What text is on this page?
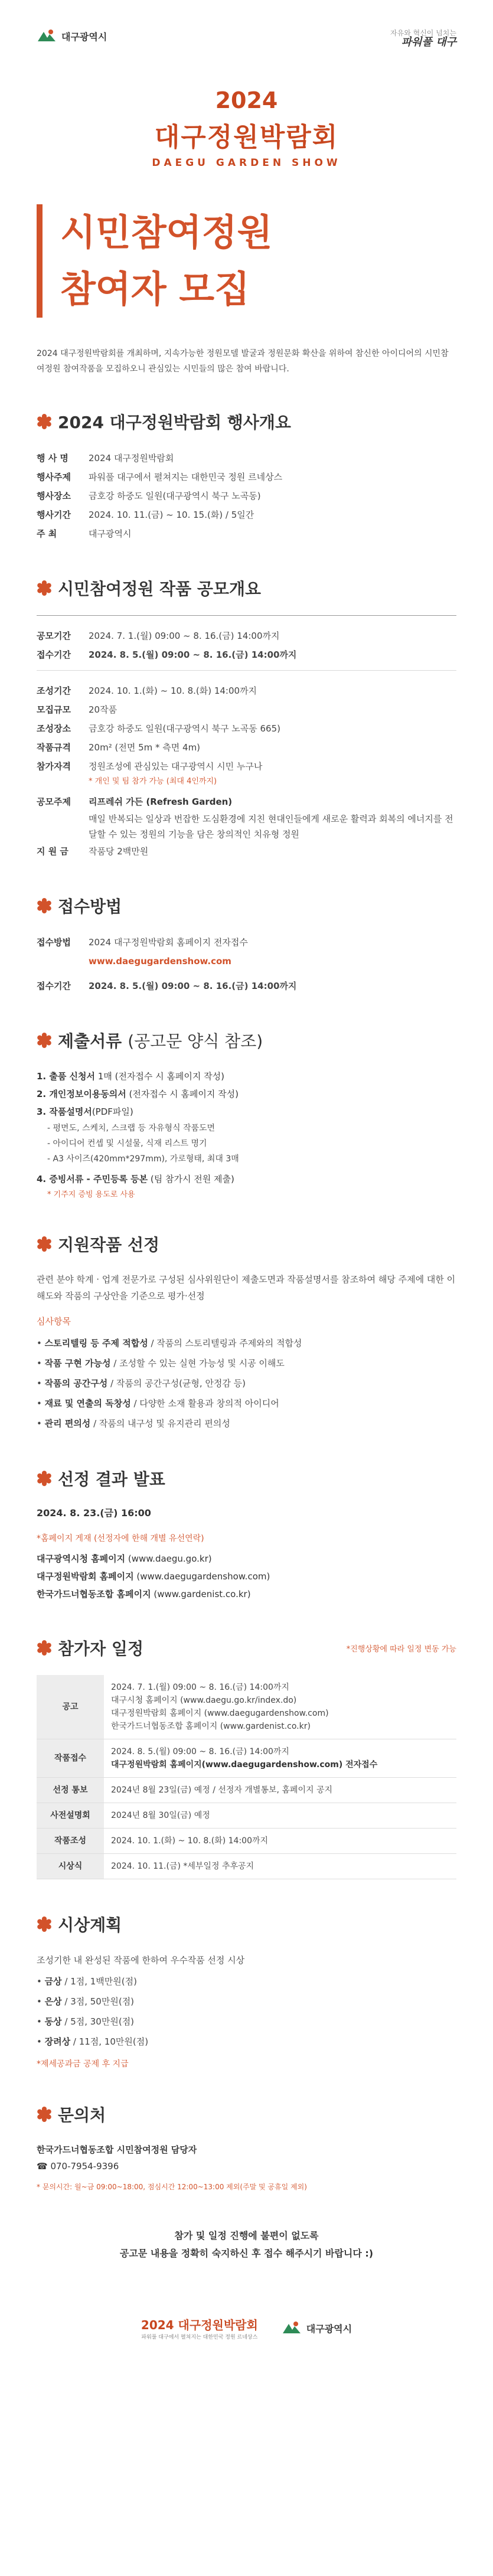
대구광역시	자유와 혁신이 넘치는
파워풀 대구
2024
대구정원박람회
DAEGU GARDEN SHOW
시민참여정원
참여자 모집
2024 대구정원박람회를 개최하며, 지속가능한 정원모델 발굴과 정원문화 확산을 위하여 참신한 아이디어의 시민참여정원 참여작품을 모집하오니 관심있는 시민들의 많은 참여 바랍니다.
2024 대구정원박람회 행사개요
행 사 명	2024 대구정원박람회
행사주제	파워풀 대구에서 펼쳐지는 대한민국 정원 르네상스
행사장소	금호강 하중도 일원(대구광역시 북구 노곡동)
행사기간	2024. 10. 11.(금) ~ 10. 15.(화) / 5일간
주 최	대구광역시
시민참여정원 작품 공모개요
공모기간	2024. 7. 1.(월) 09:00 ~ 8. 16.(금) 14:00까지
접수기간	2024. 8. 5.(월) 09:00 ~ 8. 16.(금) 14:00까지
조성기간	2024. 10. 1.(화) ~ 10. 8.(화) 14:00까지
모집규모	20작품
조성장소	금호강 하중도 일원(대구광역시 북구 노곡동 665)
작품규격	20m² (전면 5m * 측면 4m)
참가자격	정원조성에 관심있는 대구광역시 시민 누구나
* 개인 및 팀 참가 가능 (최대 4인까지)
공모주제	리프레쉬 가든 (Refresh Garden)
매일 반복되는 일상과 번잡한 도심환경에 지친 현대인들에게 새로운 활력과 회복의 에너지를 전달할 수 있는 정원의 기능을 담은 창의적인 치유형 정원
지 원 금	작품당 2백만원
접수방법
접수방법	2024 대구정원박람회 홈페이지 전자접수
www.daegugardenshow.com
접수기간	2024. 8. 5.(월) 09:00 ~ 8. 16.(금) 14:00까지
제출서류 (공고문 양식 참조)
1. 출품 신청서 1매 (전자접수 시 홈페이지 작성)
2. 개인정보이용동의서 (전자접수 시 홈페이지 작성)
3. 작품설명서(PDF파일)
- 평면도, 스케치, 스크랩 등 자유형식 작품도면
- 아이디어 컨셉 및 시설물, 식재 리스트 명기
- A3 사이즈(420mm*297mm), 가로형태, 최대 3매
4. 증빙서류 - 주민등록 등본 (팀 참가시 전원 제출)
* 기주지 증빙 용도로 사용
지원작품 선정
관련 분야 학계 · 업계 전문가로 구성된 심사위원단이 제출도면과 작품설명서를 참조하여 해당 주제에 대한 이해도와 작품의 구상안을 기준으로 평가·선정
심사항목
• 스토리텔링 등 주제 적합성 / 작품의 스토리텔링과 주제와의 적합성
• 작품 구현 가능성 / 조성할 수 있는 실현 가능성 및 시공 이해도
• 작품의 공간구성 / 작품의 공간구성(균형, 안정감 등)
• 재료 및 연출의 독창성 / 다양한 소재 활용과 창의적 아이디어
• 관리 편의성 / 작품의 내구성 및 유지관리 편의성
선정 결과 발표
2024. 8. 23.(금) 16:00
*홈페이지 게재 (선정자에 한해 개별 유선연락)
대구광역시청 홈페이지 (www.daegu.go.kr)
대구정원박람회 홈페이지 (www.daegugardenshow.com)
한국가드너협동조합 홈페이지 (www.gardenist.co.kr)
참가자 일정	*진행상황에 따라 일정 변동 가능
공고	2024. 7. 1.(월) 09:00 ~ 8. 16.(금) 14:00까지
대구시청 홈페이지 (www.daegu.go.kr/index.do)
대구정원박람회 홈페이지 (www.daegugardenshow.com)
한국가드너협동조합 홈페이지 (www.gardenist.co.kr)

작품접수	2024. 8. 5.(월) 09:00 ~ 8. 16.(금) 14:00까지
대구정원박람회 홈페이지(www.daegugardenshow.com) 전자접수

선정 통보	2024년 8월 23일(금) 예정 / 선정자 개별통보, 홈페이지 공지
사전설명회	2024년 8월 30일(금) 예정
작품조성	2024. 10. 1.(화) ~ 10. 8.(화) 14:00까지
시상식	2024. 10. 11.(금) *세부일정 추후공지
시상계획
조성기한 내 완성된 작품에 한하여 우수작품 선정 시상
• 금상 / 1점, 1백만원(점)
• 은상 / 3점, 50만원(점)
• 동상 / 5점, 30만원(점)
• 장려상 / 11점, 10만원(점)
*제세공과금 공제 후 지급
문의처
한국가드너협동조합 시민참여정원 담당자
☎ 070-7954-9396
* 문의시간: 월~금 09:00~18:00, 점심시간 12:00~13:00 제외(주말 및 공휴일 제외)
참가 및 일정 진행에 불편이 없도록
공고문 내용을 정확히 숙지하신 후 접수 해주시기 바랍니다 :)
2024 대구정원박람회
파워풀 대구에서 펼쳐지는 대한민국 정원 르네상스
대구광역시
